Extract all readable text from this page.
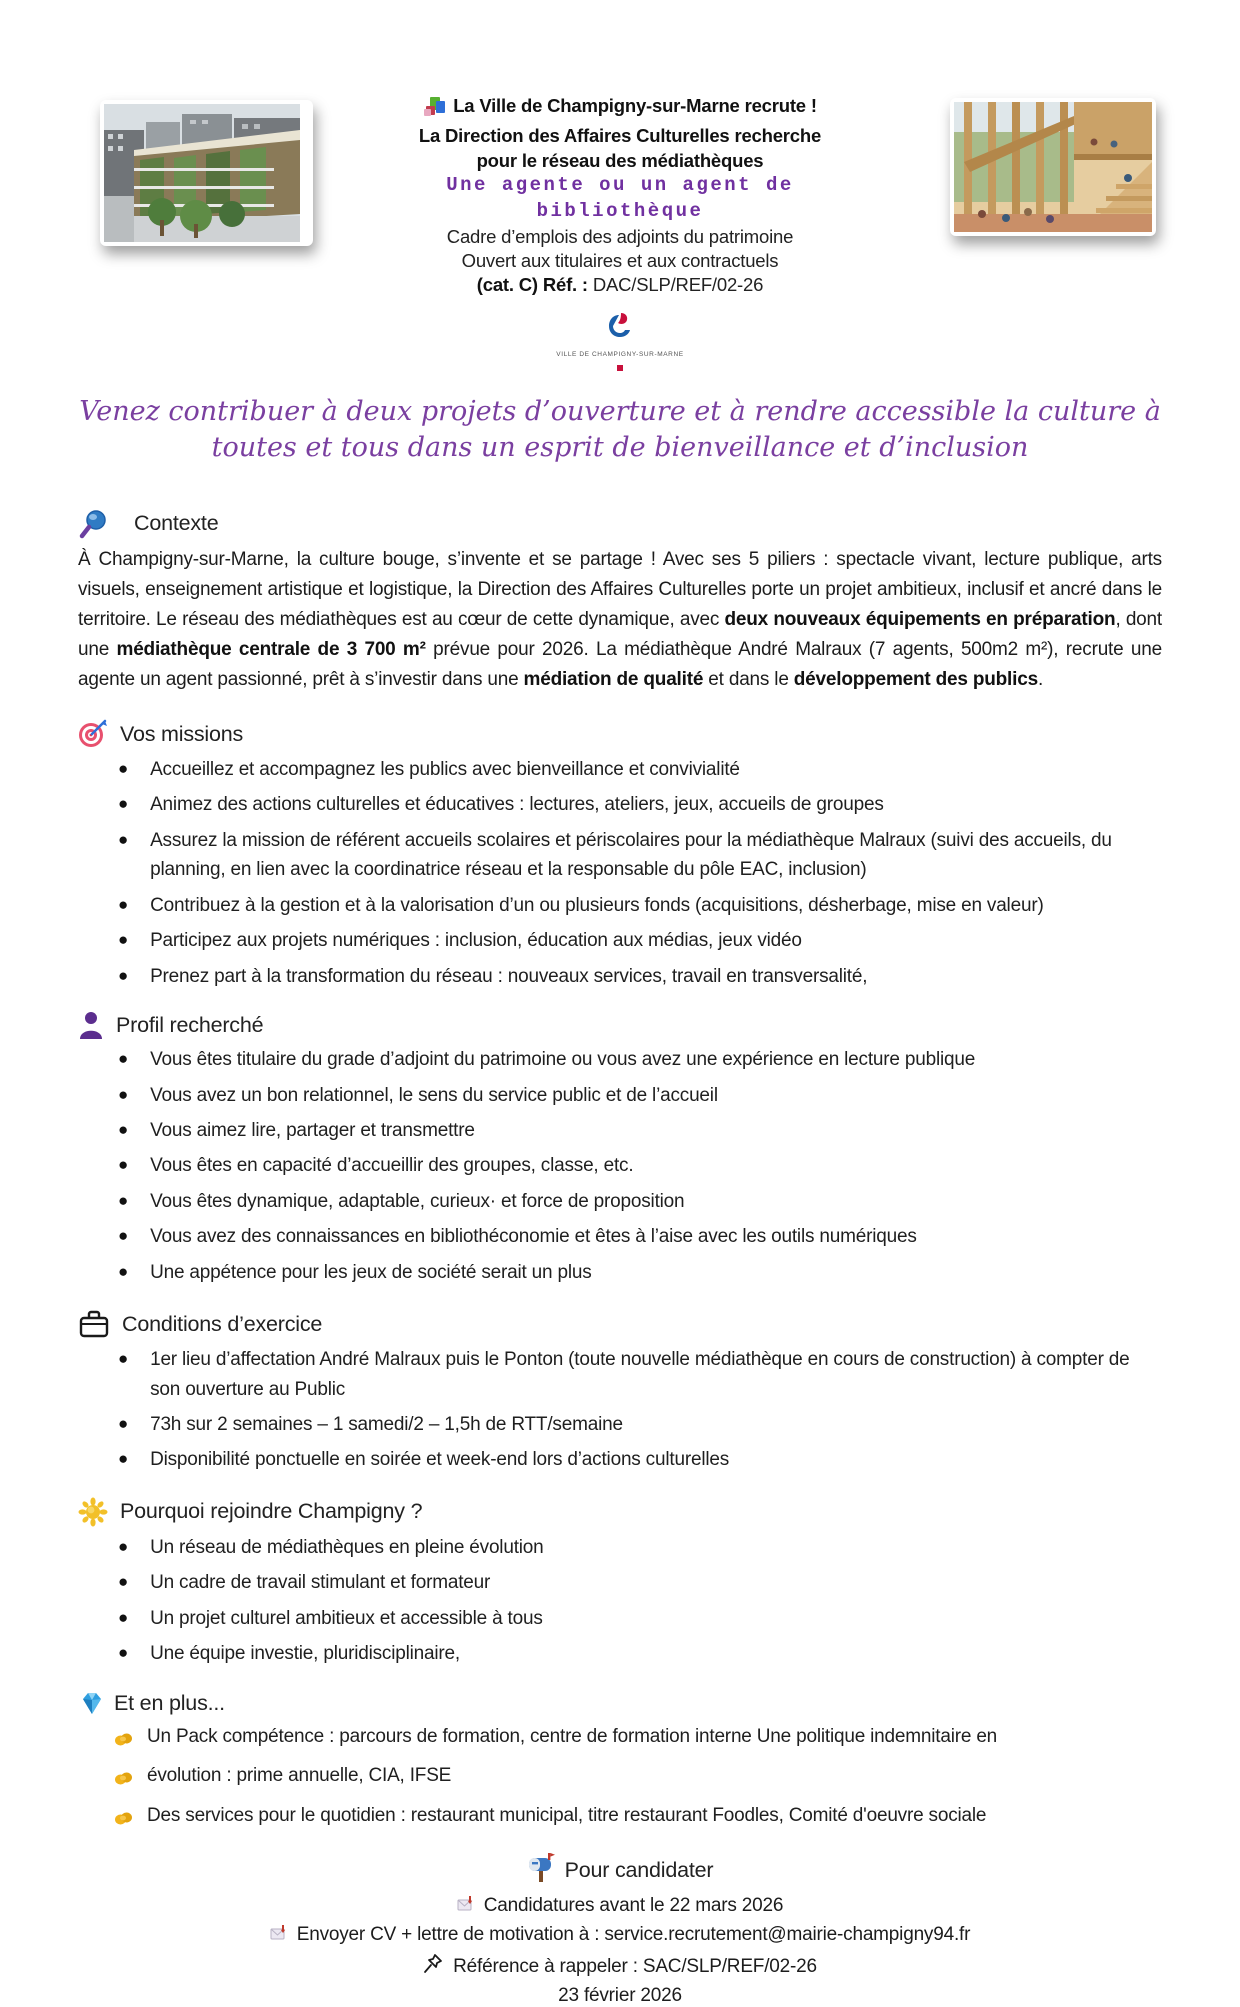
La Ville de Champigny-sur-Marne recrute !
La Direction des Affaires Culturelles recherche
pour le réseau des médiathèques
Une agente ou un agent de
bibliothèque
Cadre d’emplois des adjoints du patrimoine
Ouvert aux titulaires et aux contractuels
(cat. C) Réf. : DAC/SLP/REF/02-26
VILLE DE CHAMPIGNY-SUR-MARNE
Venez contribuer à deux projets d’ouverture et à rendre accessible la culture à
toutes et tous dans un esprit de bienveillance et d’inclusion
Contexte
À Champigny-sur-Marne, la culture bouge, s’invente et se partage ! Avec ses 5 piliers : spectacle vivant, lecture publique, arts visuels, enseignement artistique et logistique, la Direction des Affaires Culturelles porte un projet ambitieux, inclusif et ancré dans le territoire. Le réseau des médiathèques est au cœur de cette dynamique, avec deux nouveaux équipements en préparation, dont une médiathèque centrale de 3 700 m² prévue pour 2026. La médiathèque André Malraux (7 agents, 500m2 m²), recrute une agente un agent passionné, prêt à s’investir dans une médiation de qualité et dans le développement des publics.
Vos missions
● Accueillez et accompagnez les publics avec bienveillance et convivialité
● Animez des actions culturelles et éducatives : lectures, ateliers, jeux, accueils de groupes
● Assurez la mission de référent accueils scolaires et périscolaires pour la médiathèque Malraux (suivi des accueils, du planning, en lien avec la coordinatrice réseau et la responsable du pôle EAC, inclusion)
● Contribuez à la gestion et à la valorisation d’un ou plusieurs fonds (acquisitions, désherbage, mise en valeur)
● Participez aux projets numériques : inclusion, éducation aux médias, jeux vidéo
● Prenez part à la transformation du réseau : nouveaux services, travail en transversalité,
Profil recherché
● Vous êtes titulaire du grade d’adjoint du patrimoine ou vous avez une expérience en lecture publique
● Vous avez un bon relationnel, le sens du service public et de l’accueil
● Vous aimez lire, partager et transmettre
● Vous êtes en capacité d’accueillir des groupes, classe, etc.
● Vous êtes dynamique, adaptable, curieux· et force de proposition
● Vous avez des connaissances en bibliothéconomie et êtes à l’aise avec les outils numériques
● Une appétence pour les jeux de société serait un plus
Conditions d’exercice
● 1er lieu d’affectation André Malraux puis le Ponton (toute nouvelle médiathèque en cours de construction) à compter de son ouverture au Public
● 73h sur 2 semaines – 1 samedi/2 – 1,5h de RTT/semaine
● Disponibilité ponctuelle en soirée et week-end lors d’actions culturelles
Pourquoi rejoindre Champigny ?
● Un réseau de médiathèques en pleine évolution
● Un cadre de travail stimulant et formateur
● Un projet culturel ambitieux et accessible à tous
● Une équipe investie, pluridisciplinaire,
Et en plus...
Un Pack compétence : parcours de formation, centre de formation interne Une politique indemnitaire en
évolution : prime annuelle, CIA, IFSE
Des services pour le quotidien : restaurant municipal, titre restaurant Foodles, Comité d'oeuvre sociale
Pour candidater
Candidatures avant le 22 mars 2026
Envoyer CV + lettre de motivation à : service.recrutement@mairie-champigny94.fr
Référence à rappeler : SAC/SLP/REF/02-26
23 février 2026
